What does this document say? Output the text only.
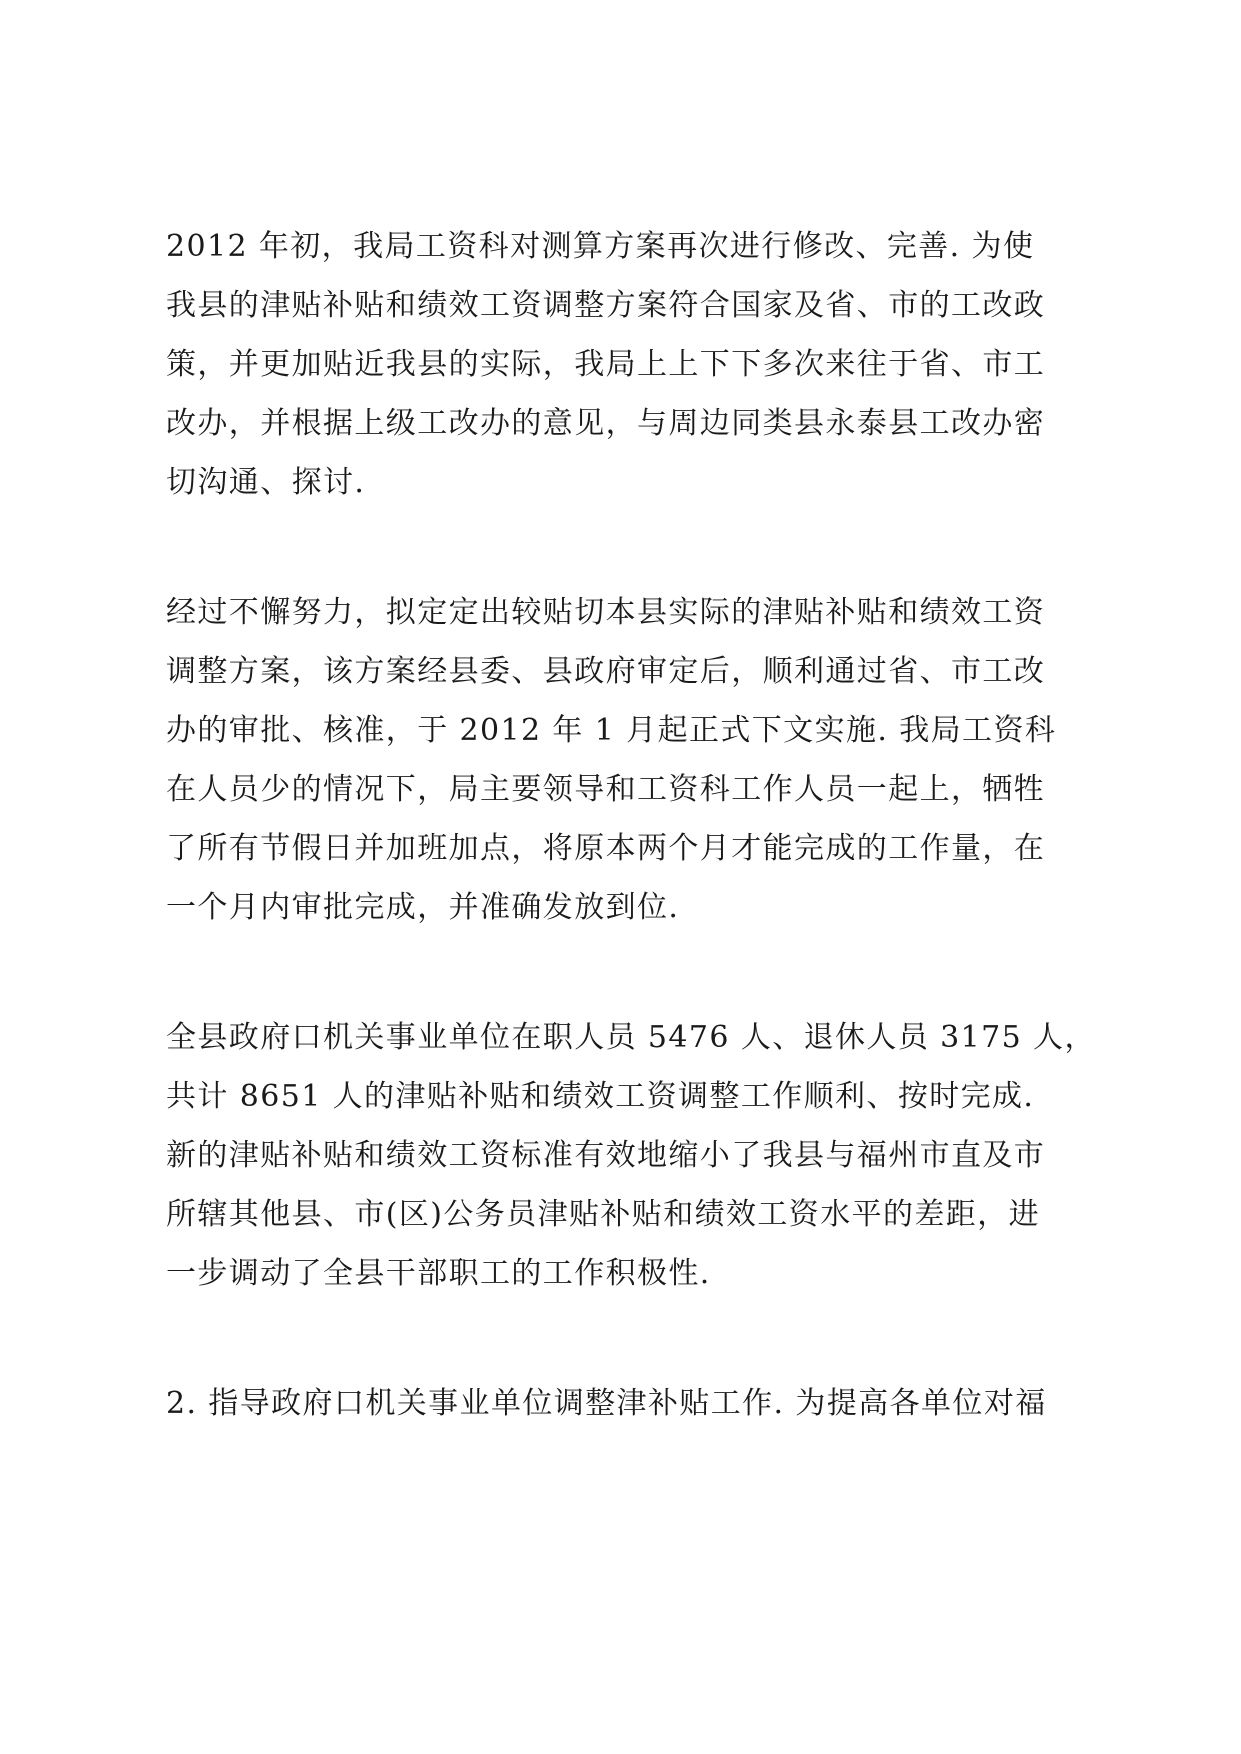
2012 年初，我局工资科对测算方案再次进行修改、完善. 为使
我县的津贴补贴和绩效工资调整方案符合国家及省、市的工改政
策，并更加贴近我县的实际，我局上上下下多次来往于省、市工
改办，并根据上级工改办的意见，与周边同类县永泰县工改办密
切沟通、探讨.
经过不懈努力，拟定定出较贴切本县实际的津贴补贴和绩效工资
调整方案，该方案经县委、县政府审定后，顺利通过省、市工改
办的审批、核准，于 2012 年 1 月起正式下文实施. 我局工资科
在人员少的情况下，局主要领导和工资科工作人员一起上，牺牲
了所有节假日并加班加点，将原本两个月才能完成的工作量，在
一个月内审批完成，并准确发放到位.
全县政府口机关事业单位在职人员 5476 人、退休人员 3175 人，
共计 8651 人的津贴补贴和绩效工资调整工作顺利、按时完成.
新的津贴补贴和绩效工资标准有效地缩小了我县与福州市直及市
所辖其他县、市(区)公务员津贴补贴和绩效工资水平的差距，进
一步调动了全县干部职工的工作积极性.
2. 指导政府口机关事业单位调整津补贴工作. 为提高各单位对福
